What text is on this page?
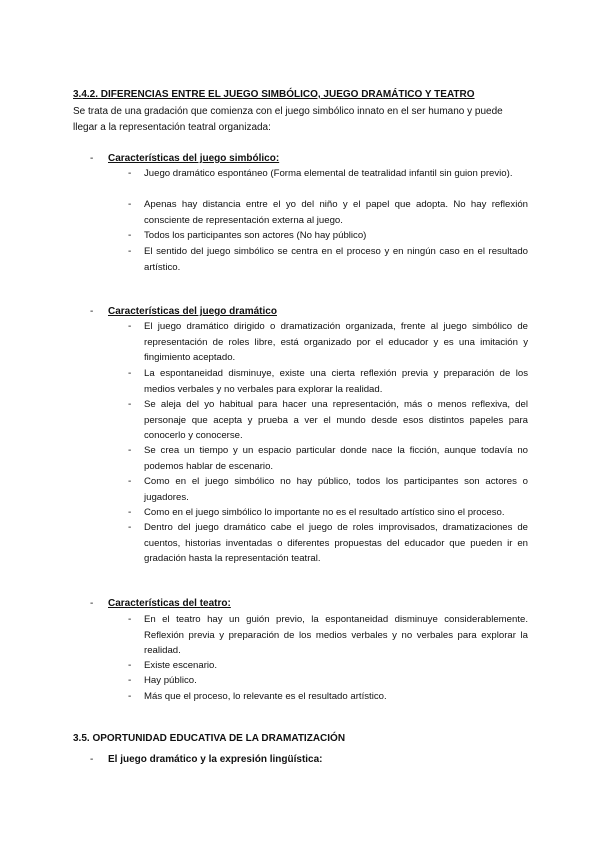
3.4.2. DIFERENCIAS ENTRE EL JUEGO SIMBÓLICO, JUEGO DRAMÁTICO Y TEATRO
Se trata de una gradación que comienza con el juego simbólico innato en el ser humano y puede llegar a la representación teatral organizada:
- Características del juego simbólico:
- Juego dramático espontáneo (Forma elemental de teatralidad infantil sin guion previo).
- Apenas hay distancia entre el yo del niño y el papel que adopta. No hay reflexión consciente de representación externa al juego.
- Todos los participantes son actores (No hay público)
- El sentido del juego simbólico se centra en el proceso y en ningún caso en el resultado artístico.
- Características del juego dramático
- El juego dramático dirigido o dramatización organizada, frente al juego simbólico de representación de roles libre, está organizado por el educador y es una imitación y fingimiento aceptado.
- La espontaneidad disminuye, existe una cierta reflexión previa y preparación de los medios verbales y no verbales para explorar la realidad.
- Se aleja del yo habitual para hacer una representación, más o menos reflexiva, del personaje que acepta y prueba a ver el mundo desde esos distintos papeles para conocerlo y conocerse.
- Se crea un tiempo y un espacio particular donde nace la ficción, aunque todavía no podemos hablar de escenario.
- Como en el juego simbólico no hay público, todos los participantes son actores o jugadores.
- Como en el juego simbólico lo importante no es el resultado artístico sino el proceso.
- Dentro del juego dramático cabe el juego de roles improvisados, dramatizaciones de cuentos, historias inventadas o diferentes propuestas del educador que pueden ir en gradación hasta la representación teatral.
- Características del teatro:
- En el teatro hay un guión previo, la espontaneidad disminuye considerablemente. Reflexión previa y preparación de los medios verbales y no verbales para explorar la realidad.
- Existe escenario.
- Hay público.
- Más que el proceso, lo relevante es el resultado artístico.
3.5. OPORTUNIDAD EDUCATIVA DE LA DRAMATIZACIÓN
- El juego dramático y la expresión lingüística:
